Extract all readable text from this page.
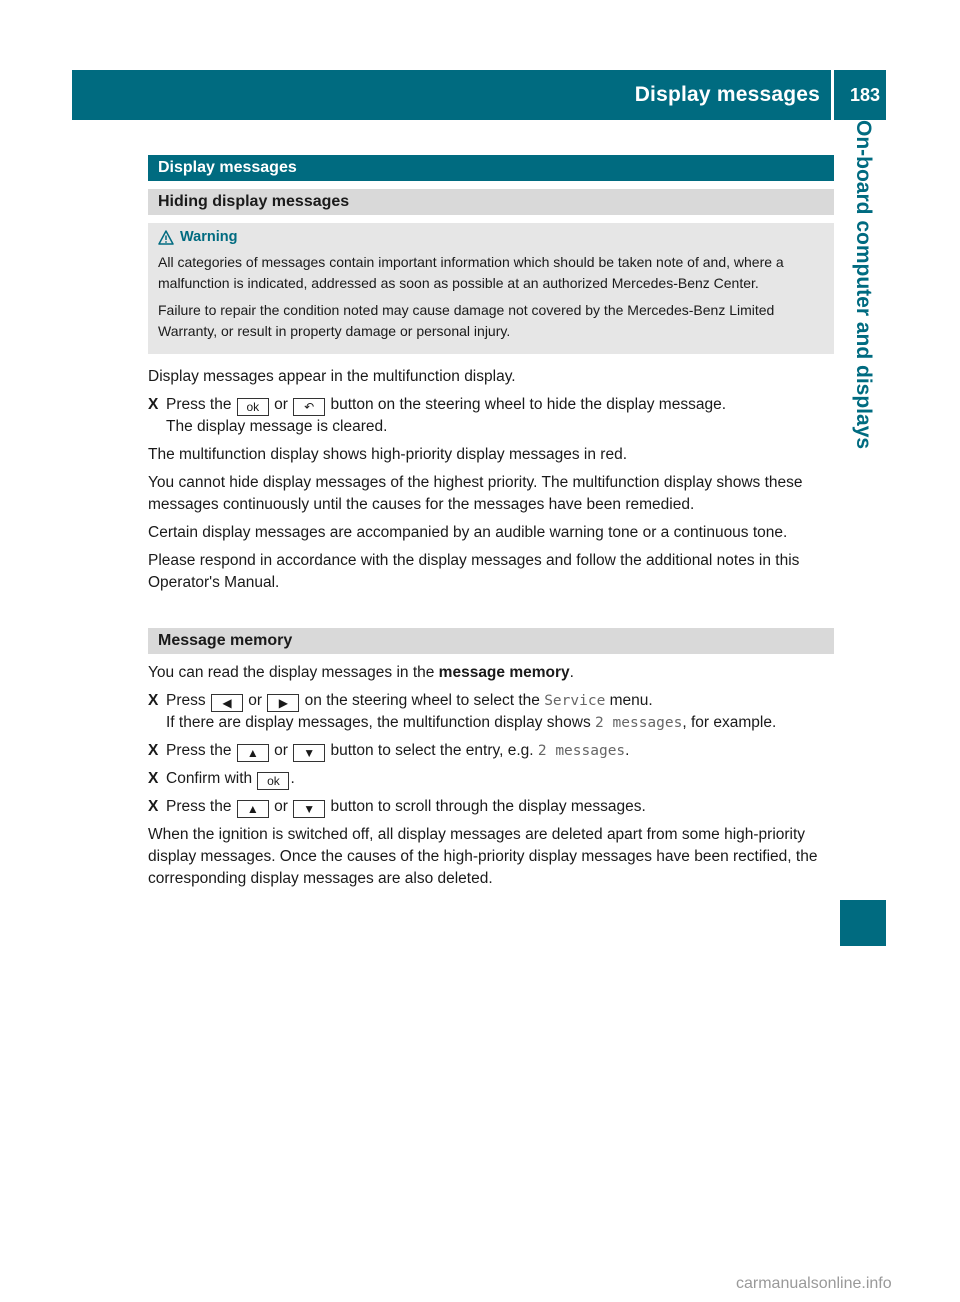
Display messages 183
On-board computer and displays
Display messages
Hiding display messages
Warning

All categories of messages contain important information which should be taken note of and, where a malfunction is indicated, addressed as soon as possible at an authorized Mercedes-Benz Center.

Failure to repair the condition noted may cause damage not covered by the Mercedes-Benz Limited Warranty, or result in property damage or personal injury.

Display messages appear in the multifunction display.

X Press the ok or ↶ button on the steering wheel to hide the display message.
The display message is cleared.

The multifunction display shows high-priority display messages in red.

You cannot hide display messages of the highest priority. The multifunction display shows these messages continuously until the causes for the messages have been remedied.

Certain display messages are accompanied by an audible warning tone or a continuous tone.

Please respond in accordance with the display messages and follow the additional notes in this Operator's Manual.

Message memory

You can read the display messages in the message memory.

X Press ◀ or ▶ on the steering wheel to select the Service menu.
If there are display messages, the multifunction display shows 2 messages, for example.
X Press the ▲ or ▼ button to select the entry, e.g. 2 messages.
X Confirm with ok .
X Press the ▲ or ▼ button to scroll through the display messages.

When the ignition is switched off, all display messages are deleted apart from some high-priority display messages. Once the causes of the high-priority display messages have been rectified, the corresponding display messages are also deleted.

carmanualsonline.info
